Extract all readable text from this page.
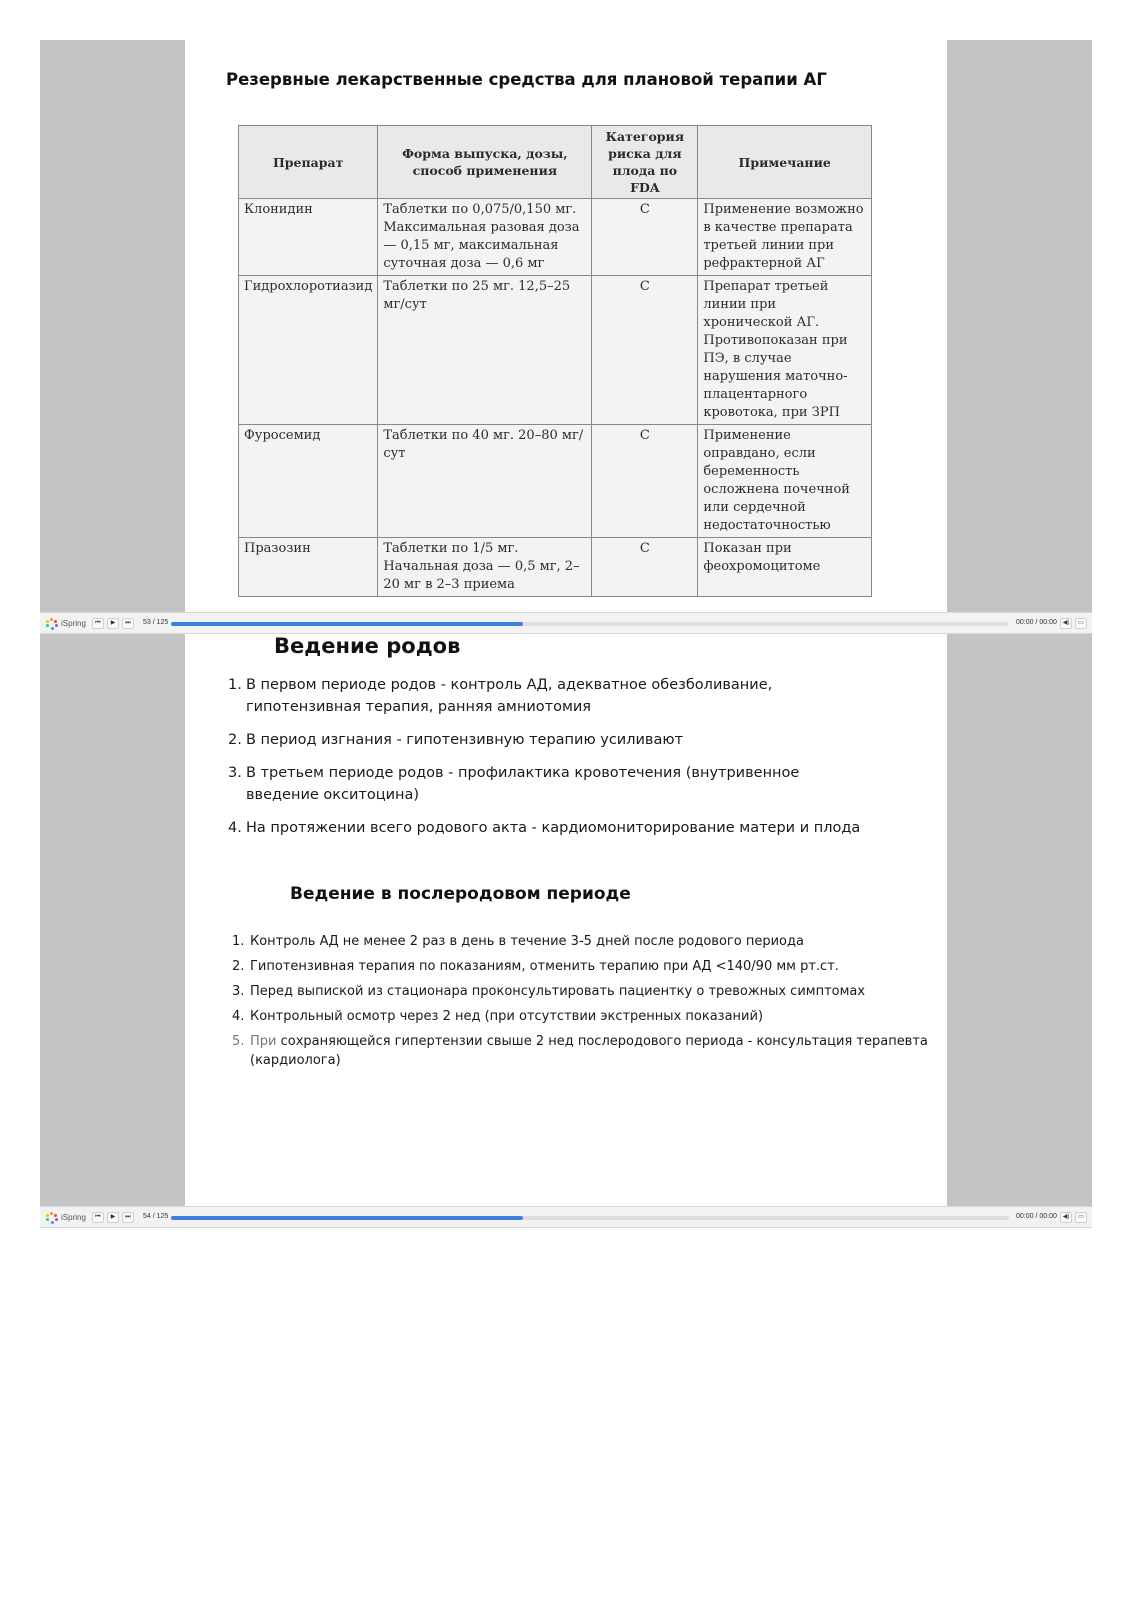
Резервные лекарственные средства для плановой терапии АГ
Препарат	Форма выпуска, дозы, способ применения	Категория риска для плода по FDA	Примечание
Клонидин	Таблетки по 0,075/0,150 мг. Максимальная разовая доза — 0,15 мг, максимальная суточная доза — 0,6 мг	C	Применение возможно в качестве препарата третьей линии при рефрактерной АГ
Гидрохлоротиазид	Таблетки по 25 мг. 12,5–25 мг/сут	C	Препарат третьей линии при хронической АГ. Противопоказан при ПЭ, в случае нарушения маточно-плацентарного кровотока, при ЗРП
Фуросемид	Таблетки по 40 мг. 20–80 мг/сут	C	Применение оправдано, если беременность осложнена почечной или сердечной недостаточностью
Празозин	Таблетки по 1/5 мг. Начальная доза — 0,5 мг, 2–20 мг в 2–3 приема	C	Показан при феохромоцитоме
iSpring	⏮	▶	⏭	53 / 125	00:00 / 00:00 ◀)	▭
Ведение родов
1. В первом периоде родов - контроль АД, адекватное обезболивание, гипотензивная терапия, ранняя амниотомия
2. В период изгнания - гипотензивную терапию усиливают
3. В третьем периоде родов - профилактика кровотечения (внутривенное введение окситоцина)
4. На протяжении всего родового акта - кардиомониторирование матери и плода
Ведение в послеродовом периоде
1. Контроль АД не менее 2 раз в день в течение 3-5 дней после родового периода
2. Гипотензивная терапия по показаниям, отменить терапию при АД <140/90 мм рт.ст.
3. Перед выпиской из стационара проконсультировать пациентку о тревожных симптомах
4. Контрольный осмотр через 2 нед (при отсутствии экстренных показаний)
5. При сохраняющейся гипертензии свыше 2 нед послеродового периода - консультация терапевта (кардиолога)
iSpring	⏮	▶	⏭	54 / 125	00:00 / 00:00 ◀)	▭
